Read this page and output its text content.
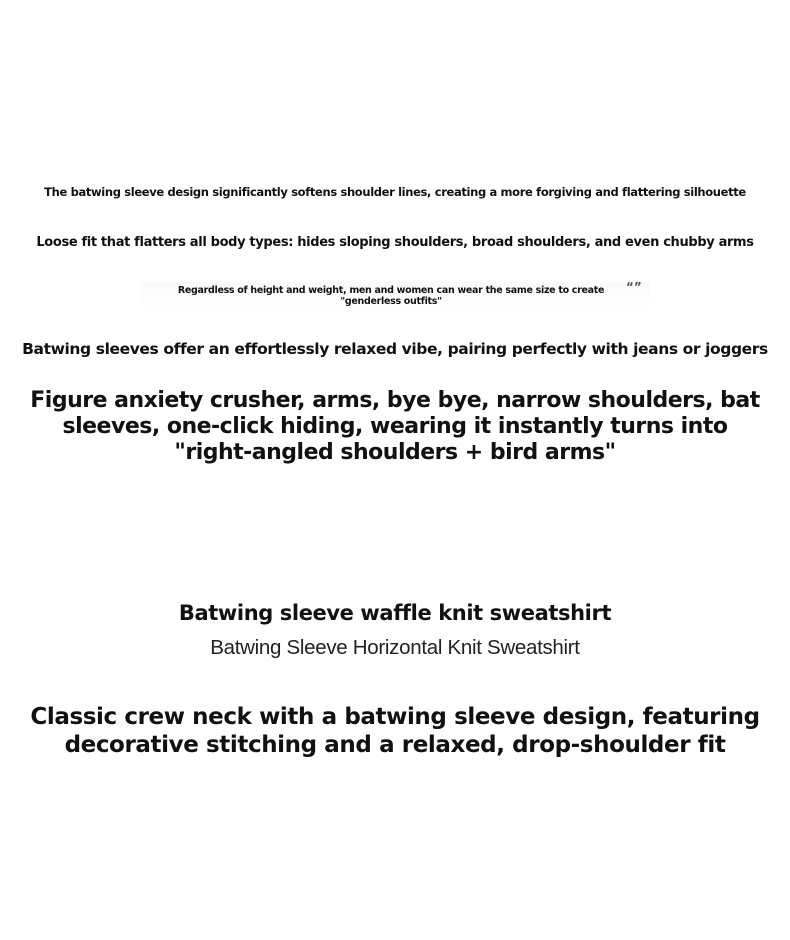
The batwing sleeve design significantly softens shoulder lines, creating a more forgiving and flattering silhouette
Loose fit that flatters all body types: hides sloping shoulders, broad shoulders, and even chubby arms
Regardless of height and weight, men and women can wear the same size to create
"genderless outfits"
“”
Batwing sleeves offer an effortlessly relaxed vibe, pairing perfectly with jeans or joggers
Figure anxiety crusher, arms, bye bye, narrow shoulders, bat
sleeves, one-click hiding, wearing it instantly turns into
"right-angled shoulders + bird arms"
Batwing sleeve waffle knit sweatshirt
Batwing Sleeve Horizontal Knit Sweatshirt
Classic crew neck with a batwing sleeve design, featuring
decorative stitching and a relaxed, drop-shoulder fit
